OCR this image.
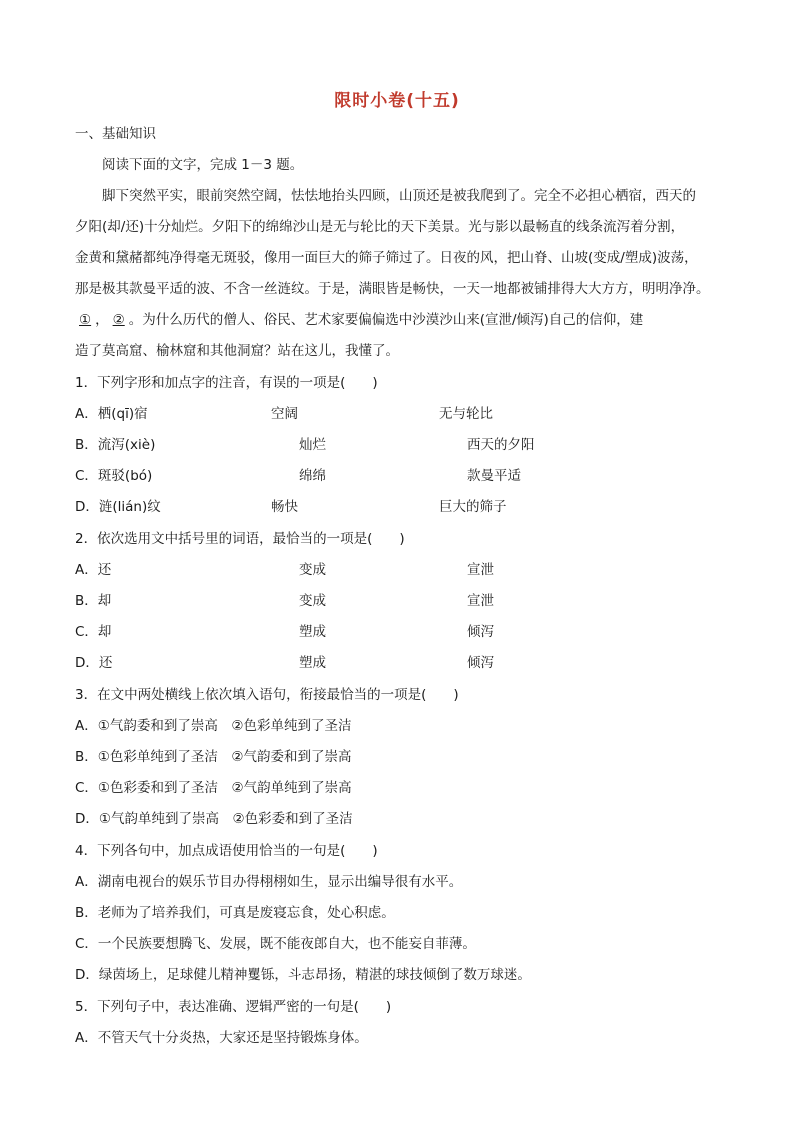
限时小卷(十五)
一、基础知识
阅读下面的文字，完成 1－3 题。
脚下突然平实，眼前突然空阔，怯怯地抬头四顾，山顶还是被我爬到了。完全不必担心栖宿，西天的
夕阳(却/还)十分灿烂。夕阳下的绵绵沙山是无与轮比的天下美景。光与影以最畅直的线条流泻着分割，
金黄和黛赭都纯净得毫无斑驳，像用一面巨大的筛子筛过了。日夜的风，把山脊、山坡(变成/塑成)波荡，
那是极其款曼平适的波、不含一丝涟纹。于是，满眼皆是畅快，一天一地都被铺排得大大方方，明明净净。
① ， ② 。为什么历代的僧人、俗民、艺术家要偏偏选中沙漠沙山来(宣泄/倾泻)自己的信仰，建
造了莫高窟、榆林窟和其他洞窟？站在这儿，我懂了。
1．下列字形和加点字的注音，有误的一项是(　　)
A．栖(qī)宿	空阔	无与轮比
B．流泻(xiè)	灿烂	西天的夕阳
C．斑驳(bó)	绵绵	款曼平适
D．涟(lián)纹	畅快	巨大的筛子
2．依次选用文中括号里的词语，最恰当的一项是(　　)
A．还	变成	宣泄
B．却	变成	宣泄
C．却	塑成	倾泻
D．还	塑成	倾泻
3．在文中两处横线上依次填入语句，衔接最恰当的一项是(　　)
A．①气韵委和到了崇高　②色彩单纯到了圣洁
B．①色彩单纯到了圣洁　②气韵委和到了崇高
C．①色彩委和到了圣洁　②气韵单纯到了崇高
D．①气韵单纯到了崇高　②色彩委和到了圣洁
4．下列各句中，加点成语使用恰当的一句是(　　)
A．湖南电视台的娱乐节目办得栩栩如生，显示出编导很有水平。
B．老师为了培养我们，可真是废寝忘食，处心积虑。
C．一个民族要想腾飞、发展，既不能夜郎自大，也不能妄自菲薄。
D．绿茵场上，足球健儿精神矍铄，斗志昂扬，精湛的球技倾倒了数万球迷。
5．下列句子中，表达准确、逻辑严密的一句是(　　)
A．不管天气十分炎热，大家还是坚持锻炼身体。
